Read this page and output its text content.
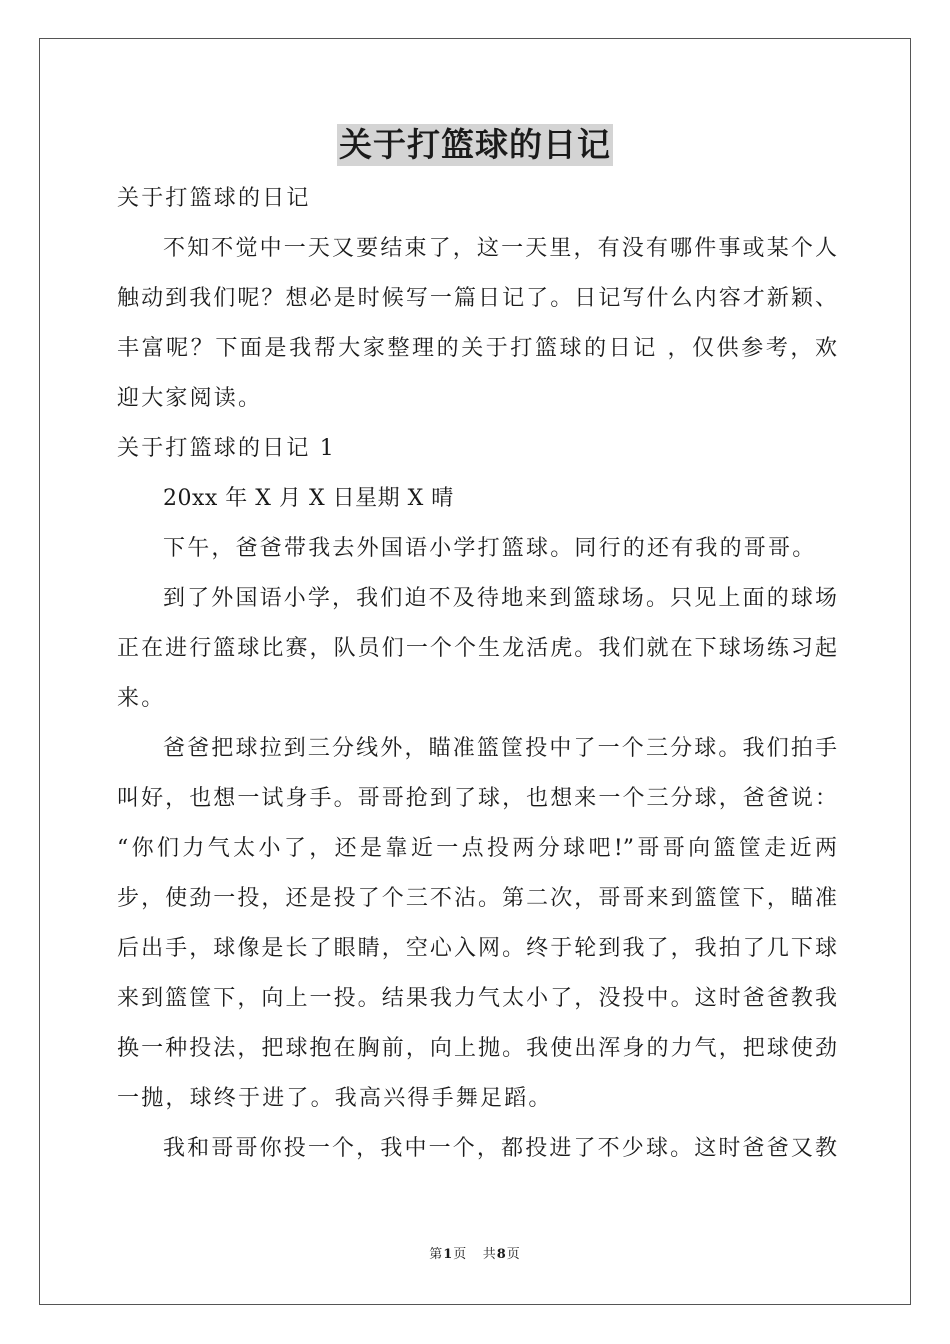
关于打篮球的日记
关于打篮球的日记
不知不觉中一天又要结束了，这一天里，有没有哪件事或某个人
触动到我们呢？想必是时候写一篇日记了。日记写什么内容才新颖、
丰富呢？下面是我帮大家整理的关于打篮球的日记 ，仅供参考，欢
迎大家阅读。
关于打篮球的日记 1
20xx 年 X 月 X 日星期 X 晴
下午，爸爸带我去外国语小学打篮球。同行的还有我的哥哥。
到了外国语小学，我们迫不及待地来到篮球场。只见上面的球场
正在进行篮球比赛，队员们一个个生龙活虎。我们就在下球场练习起
来。
爸爸把球拉到三分线外，瞄准篮筐投中了一个三分球。我们拍手
叫好，也想一试身手。哥哥抢到了球，也想来一个三分球，爸爸说：
“你们力气太小了，还是靠近一点投两分球吧!”哥哥向篮筐走近两
步，使劲一投，还是投了个三不沾。第二次，哥哥来到篮筐下，瞄准
后出手，球像是长了眼睛，空心入网。终于轮到我了，我拍了几下球
来到篮筐下，向上一投。结果我力气太小了，没投中。这时爸爸教我
换一种投法，把球抱在胸前，向上抛。我使出浑身的力气，把球使劲
一抛，球终于进了。我高兴得手舞足蹈。
我和哥哥你投一个，我中一个，都投进了不少球。这时爸爸又教
第1页 共8页
